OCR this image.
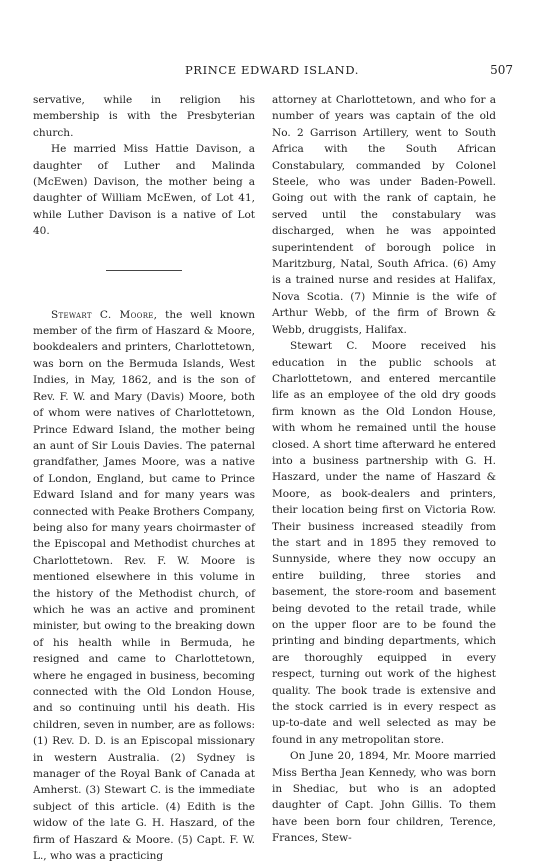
PRINCE EDWARD ISLAND.	507

servative, while in religion his membership is with the Presbyterian church.

He married Miss Hattie Davison, a daughter of Luther and Malinda (McEwen) Davison, the mother being a daughter of William McEwen, of Lot 41, while Luther Davison is a native of Lot 40.

Stewart C. Moore, the well known member of the firm of Haszard & Moore, bookdealers and printers, Charlottetown, was born on the Bermuda Islands, West Indies, in May, 1862, and is the son of Rev. F. W. and Mary (Davis) Moore, both of whom were natives of Charlottetown, Prince Edward Island, the mother being an aunt of Sir Louis Davies. The paternal grandfather, James Moore, was a native of London, England, but came to Prince Edward Island and for many years was connected with Peake Brothers Company, being also for many years choirmaster of the Episcopal and Methodist churches at Charlottetown. Rev. F. W. Moore is mentioned elsewhere in this volume in the history of the Methodist church, of which he was an active and prominent minister, but owing to the breaking down of his health while in Bermuda, he resigned and came to Charlottetown, where he engaged in business, becoming connected with the Old London House, and so continuing until his death. His children, seven in number, are as follows: (1) Rev. D. D. is an Episcopal missionary in western Australia. (2) Sydney is manager of the Royal Bank of Canada at Amherst. (3) Stewart C. is the immediate subject of this article. (4) Edith is the widow of the late G. H. Haszard, of the firm of Haszard & Moore. (5) Capt. F. W. L., who was a practicing

attorney at Charlottetown, and who for a number of years was captain of the old No. 2 Garrison Artillery, went to South Africa with the South African Constabulary, commanded by Colonel Steele, who was under Baden-Powell. Going out with the rank of captain, he served until the constabulary was discharged, when he was appointed superintendent of borough police in Maritzburg, Natal, South Africa. (6) Amy is a trained nurse and resides at Halifax, Nova Scotia. (7) Minnie is the wife of Arthur Webb, of the firm of Brown & Webb, druggists, Halifax.

Stewart C. Moore received his education in the public schools at Charlottetown, and entered mercantile life as an employee of the old dry goods firm known as the Old London House, with whom he remained until the house closed. A short time afterward he entered into a business partnership with G. H. Haszard, under the name of Haszard & Moore, as book-dealers and printers, their location being first on Victoria Row. Their business increased steadily from the start and in 1895 they removed to Sunnyside, where they now occupy an entire building, three stories and basement, the store-room and basement being devoted to the retail trade, while on the upper floor are to be found the printing and binding departments, which are thoroughly equipped in every respect, turning out work of the highest quality. The book trade is extensive and the stock carried is in every respect as up-to-date and well selected as may be found in any metropolitan store.

On June 20, 1894, Mr. Moore married Miss Bertha Jean Kennedy, who was born in Shediac, but who is an adopted daughter of Capt. John Gillis. To them have been born four children, Terence, Frances, Stew-
